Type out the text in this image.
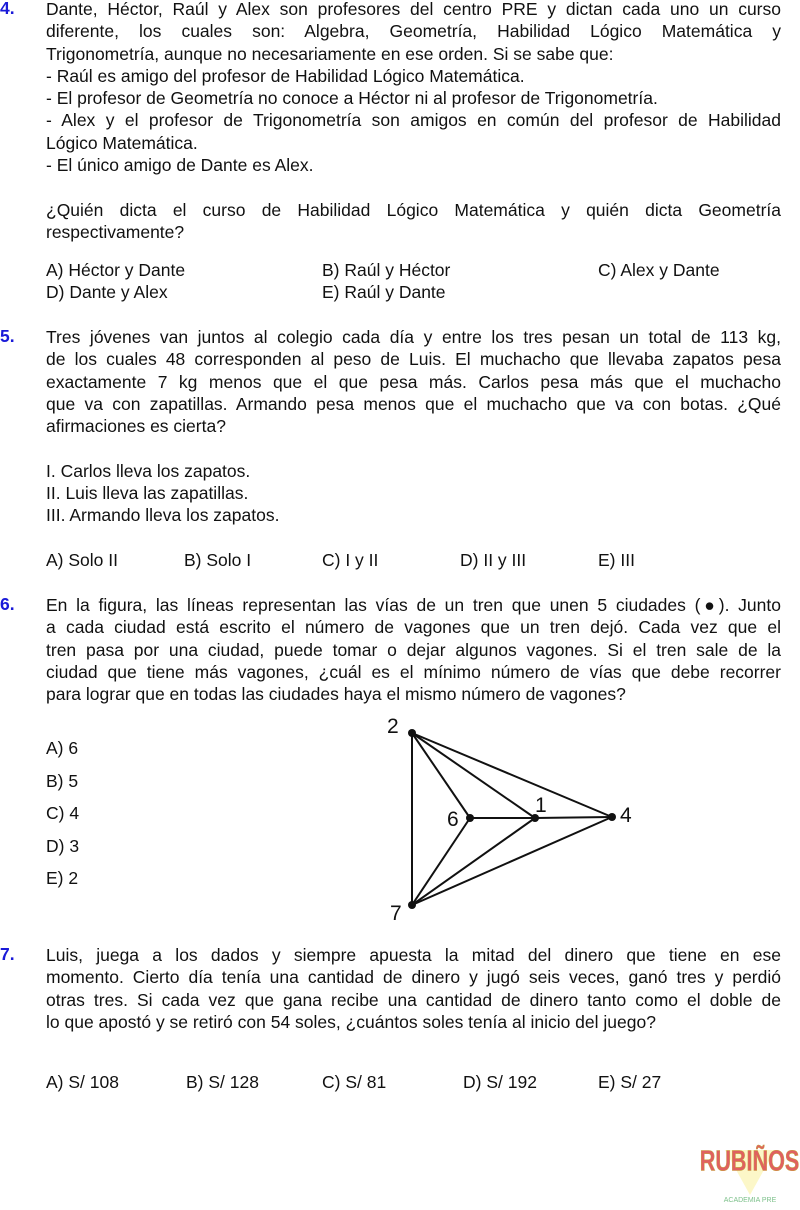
4. Dante, Héctor, Raúl y Alex son profesores del centro PRE y dictan cada uno un curso
diferente, los cuales son: Algebra, Geometría, Habilidad Lógico Matemática y
Trigonometría, aunque no necesariamente en ese orden. Si se sabe que:
- Raúl es amigo del profesor de Habilidad Lógico Matemática.
- El profesor de Geometría no conoce a Héctor ni al profesor de Trigonometría.
- Alex y el profesor de Trigonometría son amigos en común del profesor de Habilidad
Lógico Matemática.
- El único amigo de Dante es Alex.
¿Quién dicta el curso de Habilidad Lógico Matemática y quién dicta Geometría
respectivamente?
A) Héctor y Dante	B) Raúl y Héctor	C) Alex y Dante
D) Dante y Alex	E) Raúl y Dante
5. Tres jóvenes van juntos al colegio cada día y entre los tres pesan un total de 113 kg,
de los cuales 48 corresponden al peso de Luis. El muchacho que llevaba zapatos pesa
exactamente 7 kg menos que el que pesa más. Carlos pesa más que el muchacho
que va con zapatillas. Armando pesa menos que el muchacho que va con botas. ¿Qué
afirmaciones es cierta?
I. Carlos lleva los zapatos.
II. Luis lleva las zapatillas.
III. Armando lleva los zapatos.
A) Solo II	B) Solo I	C) I y II	D) II y III	E) III
6. En la figura, las líneas representan las vías de un tren que unen 5 ciudades (●). Junto
a cada ciudad está escrito el número de vagones que un tren dejó. Cada vez que el
tren pasa por una ciudad, puede tomar o dejar algunos vagones. Si el tren sale de la
ciudad que tiene más vagones, ¿cuál es el mínimo número de vías que debe recorrer
para lograr que en todas las ciudades haya el mismo número de vagones?
A) 6
B) 5
C) 4
D) 3
E) 2
2
6
1	4
7
7. Luis, juega a los dados y siempre apuesta la mitad del dinero que tiene en ese
momento. Cierto día tenía una cantidad de dinero y jugó seis veces, ganó tres y perdió
otras tres. Si cada vez que gana recibe una cantidad de dinero tanto como el doble de
lo que apostó y se retiró con 54 soles, ¿cuántos soles tenía al inicio del juego?
A) S/ 108	B) S/ 128	C) S/ 81	D) S/ 192	E) S/ 27
RUBIÑOS
ACADEMIA PRE
